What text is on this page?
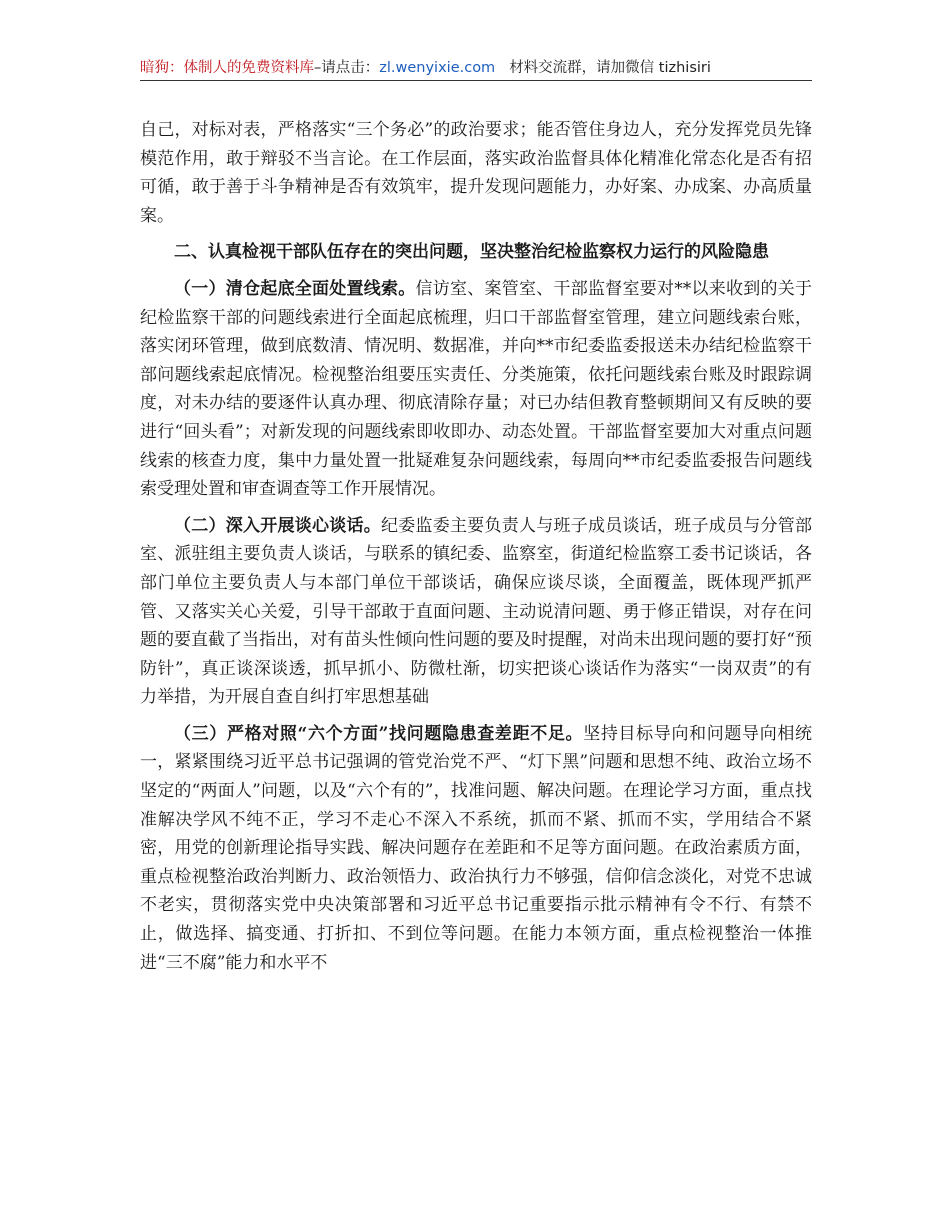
暗狗：体制人的免费资料库–请点击：zl.wenyixie.com 材料交流群，请加微信 tizhisiri

自己，对标对表，严格落实“三个务必”的政治要求；能否管住身边人，充分发挥党员先锋模范作用，敢于辩驳不当言论。在工作层面，落实政治监督具体化精准化常态化是否有招可循，敢于善于斗争精神是否有效筑牢，提升发现问题能力，办好案、办成案、办高质量案。

二、认真检视干部队伍存在的突出问题，坚决整治纪检监察权力运行的风险隐患

（一）清仓起底全面处置线索。信访室、案管室、干部监督室要对**以来收到的关于纪检监察干部的问题线索进行全面起底梳理，归口干部监督室管理，建立问题线索台账，落实闭环管理，做到底数清、情况明、数据准，并向**市纪委监委报送未办结纪检监察干部问题线索起底情况。检视整治组要压实责任、分类施策，依托问题线索台账及时跟踪调度，对未办结的要逐件认真办理、彻底清除存量；对已办结但教育整顿期间又有反映的要进行“回头看”；对新发现的问题线索即收即办、动态处置。干部监督室要加大对重点问题线索的核查力度，集中力量处置一批疑难复杂问题线索，每周向**市纪委监委报告问题线索受理处置和审查调查等工作开展情况。

（二）深入开展谈心谈话。纪委监委主要负责人与班子成员谈话，班子成员与分管部室、派驻组主要负责人谈话，与联系的镇纪委、监察室，街道纪检监察工委书记谈话，各部门单位主要负责人与本部门单位干部谈话，确保应谈尽谈，全面覆盖，既体现严抓严管、又落实关心关爱，引导干部敢于直面问题、主动说清问题、勇于修正错误，对存在问题的要直截了当指出，对有苗头性倾向性问题的要及时提醒，对尚未出现问题的要打好“预防针”，真正谈深谈透，抓早抓小、防微杜渐，切实把谈心谈话作为落实“一岗双责”的有力举措，为开展自查自纠打牢思想基础

（三）严格对照“六个方面”找问题隐患查差距不足。坚持目标导向和问题导向相统一，紧紧围绕习近平总书记强调的管党治党不严、“灯下黑”问题和思想不纯、政治立场不坚定的“两面人”问题，以及“六个有的”，找准问题、解决问题。在理论学习方面，重点找准解决学风不纯不正，学习不走心不深入不系统，抓而不紧、抓而不实，学用结合不紧密，用党的创新理论指导实践、解决问题存在差距和不足等方面问题。在政治素质方面，重点检视整治政治判断力、政治领悟力、政治执行力不够强，信仰信念淡化，对党不忠诚不老实，贯彻落实党中央决策部署和习近平总书记重要指示批示精神有令不行、有禁不止，做选择、搞变通、打折扣、不到位等问题。在能力本领方面，重点检视整治一体推进“三不腐”能力和水平不
